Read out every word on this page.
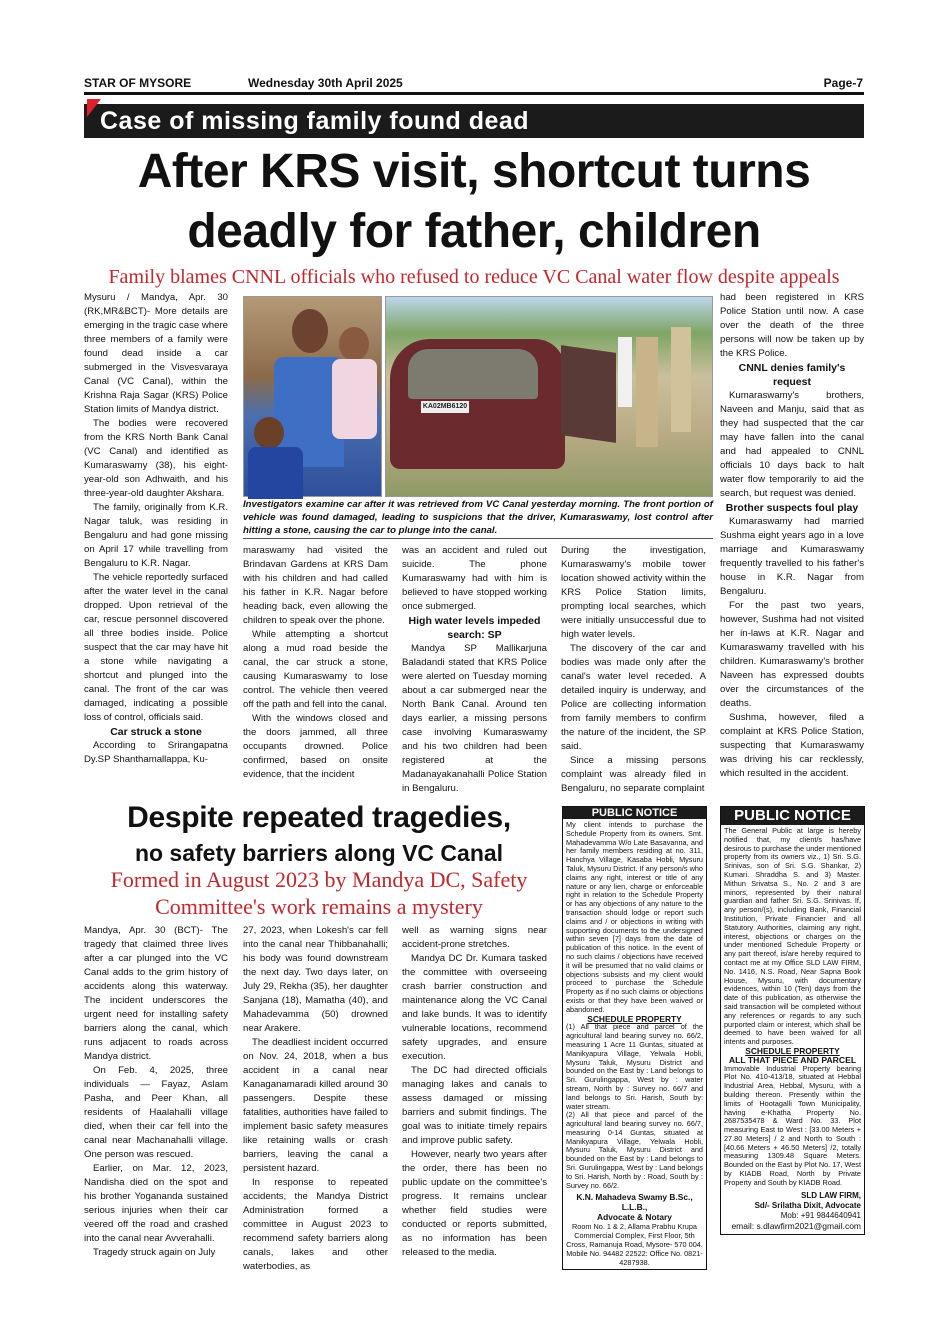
STAR OF MYSORE	Wednesday 30th April 2025	Page-7
Case of missing family found dead
After KRS visit, shortcut turns
deadly for father, children
Family blames CNNL officials who refused to reduce VC Canal water flow despite appeals

Mysuru / Mandya, Apr. 30 (RK,MR&BCT)- More details are emerging in the tragic case where three members of a family were found dead inside a car submerged in the Visvesvaraya Canal (VC Canal), within the Krishna Raja Sagar (KRS) Police Station limits of Mandya district.

The bodies were recovered from the KRS North Bank Canal (VC Canal) and identified as Kumaraswamy (38), his eight-year-old son Adhwaith, and his three-year-old daughter Akshara.

The family, originally from K.R. Nagar taluk, was residing in Bengaluru and had gone missing on April 17 while travelling from Bengaluru to K.R. Nagar.

The vehicle reportedly surfaced after the water level in the canal dropped. Upon retrieval of the car, rescue personnel discovered all three bodies inside. Police suspect that the car may have hit a stone while navigating a shortcut and plunged into the canal. The front of the car was damaged, indicating a possible loss of control, officials said.

Car struck a stone

According to Srirangapatna Dy.SP Shanthamallappa, Ku-

KA02MB6120
Investigators examine car after it was retrieved from VC Canal yesterday morning. The front portion of vehicle was found damaged, leading to suspicions that the driver, Kumaraswamy, lost control after hitting a stone, causing the car to plunge into the canal.

maraswamy had visited the Brindavan Gardens at KRS Dam with his children and had called his father in K.R. Nagar before heading back, even allowing the children to speak over the phone.

While attempting a shortcut along a mud road beside the canal, the car struck a stone, causing Kumaraswamy to lose control. The vehicle then veered off the path and fell into the canal.

With the windows closed and the doors jammed, all three occupants drowned. Police confirmed, based on onsite evidence, that the incident

was an accident and ruled out suicide. The phone Kumaraswamy had with him is believed to have stopped working once submerged.

High water levels impeded search: SP

Mandya SP Mallikarjuna Baladandi stated that KRS Police were alerted on Tuesday morning about a car submerged near the North Bank Canal. Around ten days earlier, a missing persons case involving Kumaraswamy and his two children had been registered at the Madanayakanahalli Police Station in Bengaluru.

During the investigation, Kumaraswamy's mobile tower location showed activity within the KRS Police Station limits, prompting local searches, which were initially unsuccessful due to high water levels.

The discovery of the car and bodies was made only after the canal's water level receded. A detailed inquiry is underway, and Police are collecting information from family members to confirm the nature of the incident, the SP said.

Since a missing persons complaint was already filed in Bengaluru, no separate complaint

had been registered in KRS Police Station until now. A case over the death of the three persons will now be taken up by the KRS Police.

CNNL denies family's request

Kumaraswamy's brothers, Naveen and Manju, said that as they had suspected that the car may have fallen into the canal and had appealed to CNNL officials 10 days back to halt water flow temporarily to aid the search, but request was denied.

Brother suspects foul play

Kumaraswamy had married Sushma eight years ago in a love marriage and Kumaraswamy frequently travelled to his father's house in K.R. Nagar from Bengaluru.

For the past two years, however, Sushma had not visited her in-laws at K.R. Nagar and Kumaraswamy travelled with his children. Kumaraswamy's brother Naveen has expressed doubts over the circumstances of the deaths.

Sushma, however, filed a complaint at KRS Police Station, suspecting that Kumaraswamy was driving his car recklessly, which resulted in the accident.

Despite repeated tragedies,
no safety barriers along VC Canal
Formed in August 2023 by Mandya DC, Safety
Committee's work remains a mystery

Mandya, Apr. 30 (BCT)- The tragedy that claimed three lives after a car plunged into the VC Canal adds to the grim history of accidents along this waterway. The incident underscores the urgent need for installing safety barriers along the canal, which runs adjacent to roads across Mandya district.

On Feb. 4, 2025, three individuals — Fayaz, Aslam Pasha, and Peer Khan, all residents of Haalahalli village died, when their car fell into the canal near Machanahalli village. One person was rescued.

Earlier, on Mar. 12, 2023, Nandisha died on the spot and his brother Yogananda sustained serious injuries when their car veered off the road and crashed into the canal near Avverahalli.

Tragedy struck again on July

27, 2023, when Lokesh's car fell into the canal near Thibbanahalli; his body was found downstream the next day. Two days later, on July 29, Rekha (35), her daughter Sanjana (18), Mamatha (40), and Mahadevamma (50) drowned near Arakere.

The deadliest incident occurred on Nov. 24, 2018, when a bus accident in a canal near Kanaganamaradi killed around 30 passengers. Despite these fatalities, authorities have failed to implement basic safety measures like retaining walls or crash barriers, leaving the canal a persistent hazard.

In response to repeated accidents, the Mandya District Administration formed a committee in August 2023 to recommend safety barriers along canals, lakes and other waterbodies, as

well as warning signs near accident-prone stretches.

Mandya DC Dr. Kumara tasked the committee with overseeing crash barrier construction and maintenance along the VC Canal and lake bunds. It was to identify vulnerable locations, recommend safety upgrades, and ensure execution.

The DC had directed officials managing lakes and canals to assess damaged or missing barriers and submit findings. The goal was to initiate timely repairs and improve public safety.

However, nearly two years after the order, there has been no public update on the committee's progress. It remains unclear whether field studies were conducted or reports submitted, as no information has been released to the media.

PUBLIC NOTICE
My client intends to purchase the Schedule Property from its owners. Smt. Mahadevamma W/o Late Basavanna, and her family members residing at no. 311, Hanchya Village, Kasaba Hobli, Mysuru Taluk, Mysuru District. If any person/s who claims any right, interest or title of any nature or any lien, charge or enforceable right in relation to the Schedule Property or has any objections of any nature to the transaction should lodge or report such claims and / or objections in writing with supporting documents to the undersigned within seven [7] days from the date of publication of this notice. In the event of no such claims / objections have received it will be presumed that no valid claims or objections subsists and my client would proceed to purchase the Schedule Property as if no such claims or objections exists or that they have been waived or abandoned.
SCHEDULE PROPERTY
(1) All that piece and parcel of the agricultural land bearing survey no. 66/2, measuring 1 Acre 11 Guntas, situated at Manikyapura Village, Yelwala Hobli, Mysuru Taluk, Mysuru District and bounded on the East by : Land belongs to Sri. Gurulingappa, West by : water stream, North by : Survey no. 66/7 and land belongs to Sri. Harish, South by: water stream.
(2) All that piece and parcel of the agricultural land bearing survey no. 66/7, measuring 0-14 Guntas, situated at Manikyapura Village, Yelwala Hobli, Mysuru Taluk, Mysuru District and bounded on the East by : Land belongs to Sri. Gurulingappa, West by : Land belongs to Sri. Harish, North by : Road, South by : Survey no. 66/2.
K.N. Mahadeva Swamy B.Sc., L.L.B.,
Advocate & Notary
Room No. 1 & 2, Allama Prabhu Krupa Commercial Complex, First Floor, 5th Cross, Ramanuja Road, Mysore- 570 004.
Mobile No. 94482 22522: Office No. 0821-4287938.
PUBLIC NOTICE
The General Public at large is hereby notified that, my client/s has/have desirous to purchase the under mentioned property from its owners viz., 1) Sri. S.G. Srinivas, son of Sri. S.G. Shankar, 2) Kumari. Shraddha S. and 3) Master. Mithun Srivatsa S., No. 2 and 3 are minors, represented by their natural guardian and father Sri. S.G. Srinivas. If, any person/(s), including Bank, Financial Institution, Private Financier and all Statutory Authorities, claiming any right, interest, objections or charges on the under mentioned Schedule Property or any part thereof, is/are hereby required to contact me at my Office SLD LAW FIRM, No. 1416, N.S. Road, Near Sapna Book House, Mysuru, with documentary evidences, within 10 (Ten) days from the date of this publication, as otherwise the said transaction will be completed without any references or regards to any such purported claim or interest, which shall be deemed to have been waived for all intents and purposes.
SCHEDULE PROPERTY
ALL THAT PIECE AND PARCEL
Immovable Industrial Property bearing Plot No. 410-413/18, situated at Hebbal Industrial Area, Hebbal, Mysuru, with a building thereon. Presently within the limits of Hootagalli Town Municipality, having e-Khatha Property No. 2687535478 & Ward No. 33. Plot measuring East to West : [33.00 Meters + 27.80 Meters] / 2 and North to South : [40.66 Meters + 46.50 Meters] /2, totally measuring 1309.48 Square Meters. Bounded on the East by Plot No. 17, West by KIADB Road, North by Private Property and South by KIADB Road.
SLD LAW FIRM,
Sd/- Srilatha Dixit, Advocate
Mob: +91 9844640941
email: s.dlawfirm2021@gmail.com
